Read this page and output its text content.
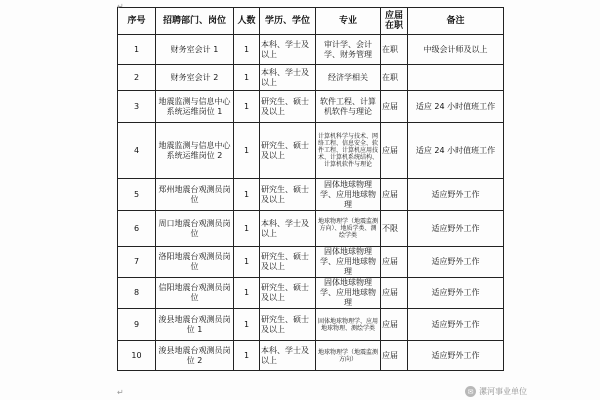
序号	招聘部门、岗位	人数	学历、学位	专业	应届在职	备注
1	财务室会计 1	1	本科、学士及以上	审计学、会计学、财务管理	在职	中级会计师及以上
2	财务室会计 2	1	本科、学士及以上	经济学相关	在职	
3	地震监测与信息中心系统运维岗位 1	1	研究生、硕士及以上	软件工程、计算机软件与理论	应届	适应 24 小时值班工作
4	地震监测与信息中心系统运维岗位 2	1	研究生、硕士及以上	计算机科学与技术、网络工程、信息安全、软件工程、计算机应用技术、计算机系统结构、计算机软件与理论	应届	适应 24 小时值班工作
5	郑州地震台观测员岗位	1	研究生、硕士及以上	固体地球物理学、应用地球物理	应届	适应野外工作
6	周口地震台观测员岗位	1	本科、学士及以上	地球物理学（地震监测方向）、地质学类、测绘学类	不限	适应野外工作
7	洛阳地震台观测员岗位	1	研究生、硕士及以上	固体地球物理学、应用地球物理	应届	适应野外工作
8	信阳地震台观测员岗位	1	研究生、硕士及以上	固体地球物理学、应用地球物理	应届	适应野外工作
9	浚县地震台观测员岗位 1	1	研究生、硕士及以上	固体地球物理学、应用地球物理、测绘学类	应届	适应野外工作
10	浚县地震台观测员岗位 2	1	本科、学士及以上	地球物理学（地震监测方向）	应届	适应野外工作
↵
↵	✉ 漯河事业单位
